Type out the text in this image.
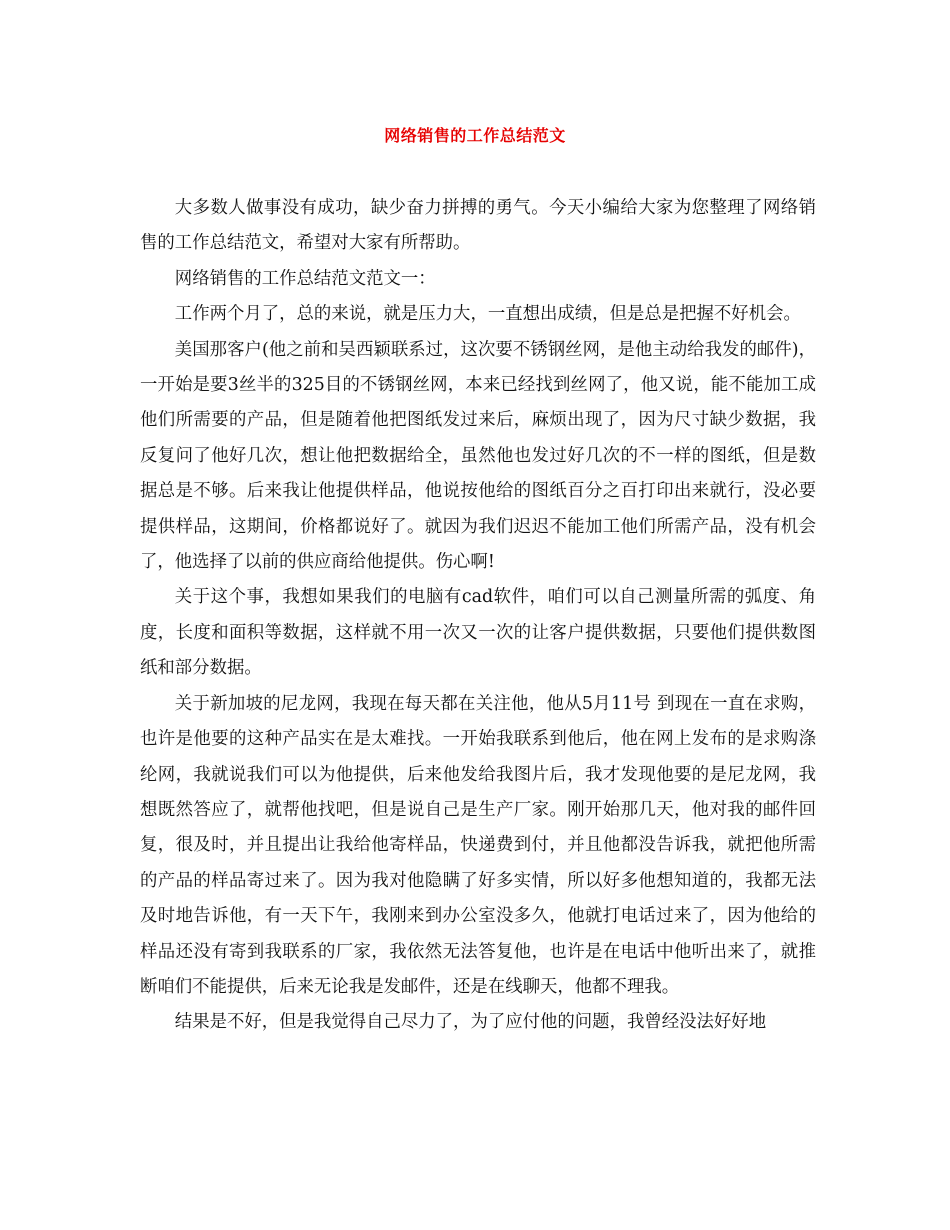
网络销售的工作总结范文

大多数人做事没有成功，缺少奋力拼搏的勇气。今天小编给大家为您整理了网络销售的工作总结范文，希望对大家有所帮助。

网络销售的工作总结范文范文一：

工作两个月了，总的来说，就是压力大，一直想出成绩，但是总是把握不好机会。

美国那客户(他之前和吴西颖联系过，这次要不锈钢丝网，是他主动给我发的邮件)，一开始是要3丝半的325目的不锈钢丝网，本来已经找到丝网了，他又说，能不能加工成他们所需要的产品，但是随着他把图纸发过来后，麻烦出现了，因为尺寸缺少数据，我反复问了他好几次，想让他把数据给全，虽然他也发过好几次的不一样的图纸，但是数据总是不够。后来我让他提供样品，他说按他给的图纸百分之百打印出来就行，没必要提供样品，这期间，价格都说好了。就因为我们迟迟不能加工他们所需产品，没有机会了，他选择了以前的供应商给他提供。伤心啊!

关于这个事，我想如果我们的电脑有cad软件，咱们可以自己测量所需的弧度、角度，长度和面积等数据，这样就不用一次又一次的让客户提供数据，只要他们提供数图纸和部分数据。

关于新加坡的尼龙网，我现在每天都在关注他，他从5月11号 到现在一直在求购，也许是他要的这种产品实在是太难找。一开始我联系到他后，他在网上发布的是求购涤纶网，我就说我们可以为他提供，后来他发给我图片后，我才发现他要的是尼龙网，我想既然答应了，就帮他找吧，但是说自己是生产厂家。刚开始那几天，他对我的邮件回复，很及时，并且提出让我给他寄样品，快递费到付，并且他都没告诉我，就把他所需的产品的样品寄过来了。因为我对他隐瞒了好多实情，所以好多他想知道的，我都无法及时地告诉他，有一天下午，我刚来到办公室没多久，他就打电话过来了，因为他给的样品还没有寄到我联系的厂家，我依然无法答复他，也许是在电话中他听出来了，就推断咱们不能提供，后来无论我是发邮件，还是在线聊天，他都不理我。

结果是不好，但是我觉得自己尽力了，为了应付他的问题，我曾经没法好好地
